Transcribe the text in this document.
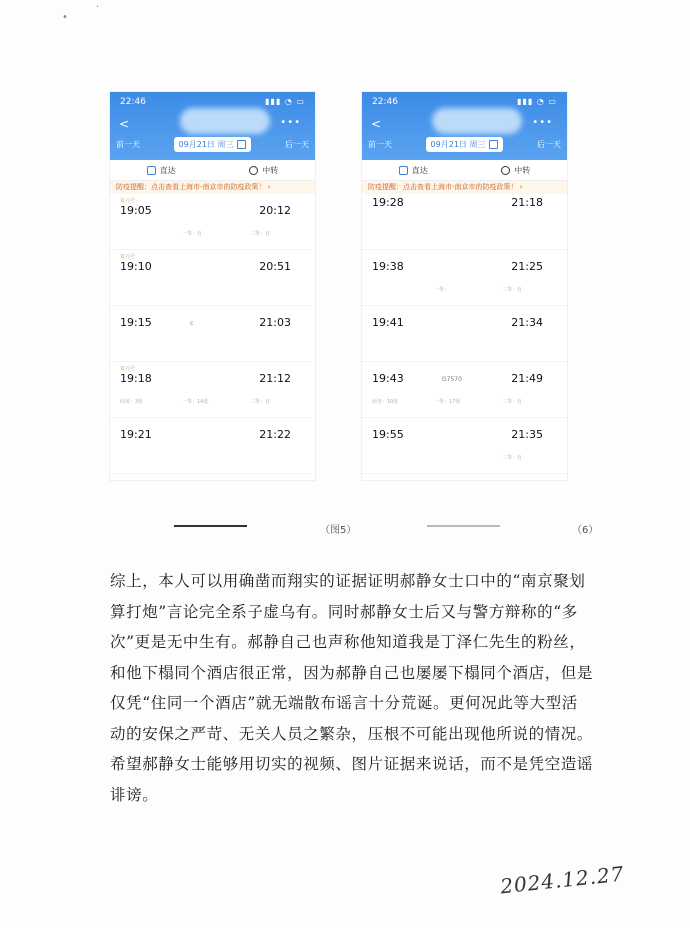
•
·
22:46	▮▮▮ ◔ ▭
<	•••
前一天	09月21日 周三	后一天
直达	中转
防疫提醒：点击查看上海市-南京市的防疫政策！ ›
复兴号
19:05	20:12
一等：有	二等：有
复兴号
19:10	20:51
19:15	c	21:03
复兴号
19:18	21:12
商务：3张	一等：14张	二等：有
19:21	21:22
22:46	▮▮▮ ◔ ▭
<	•••
前一天	09月21日 周三	后一天
直达	中转
防疫提醒：点击查看上海市-南京市的防疫政策！ ›
19:28	21:18
19:38	21:25
一等：	二等：有
19:41	21:34
19:43	G7570	21:49
商务：10张	一等：17张	二等：有
19:55	21:35
二等：有
（图5）	（6）
综上，本人可以用确凿而翔实的证据证明郝静女士口中的“南京聚划
算打炮”言论完全系子虚乌有。同时郝静女士后又与警方辩称的“多
次”更是无中生有。郝静自己也声称他知道我是丁泽仁先生的粉丝，
和他下榻同个酒店很正常，因为郝静自己也屡屡下榻同个酒店，但是
仅凭“住同一个酒店”就无端散布谣言十分荒诞。更何况此等大型活
动的安保之严苛、无关人员之繁杂，压根不可能出现他所说的情况。
希望郝静女士能够用切实的视频、图片证据来说话，而不是凭空造谣
诽谤。
2024.12.27
